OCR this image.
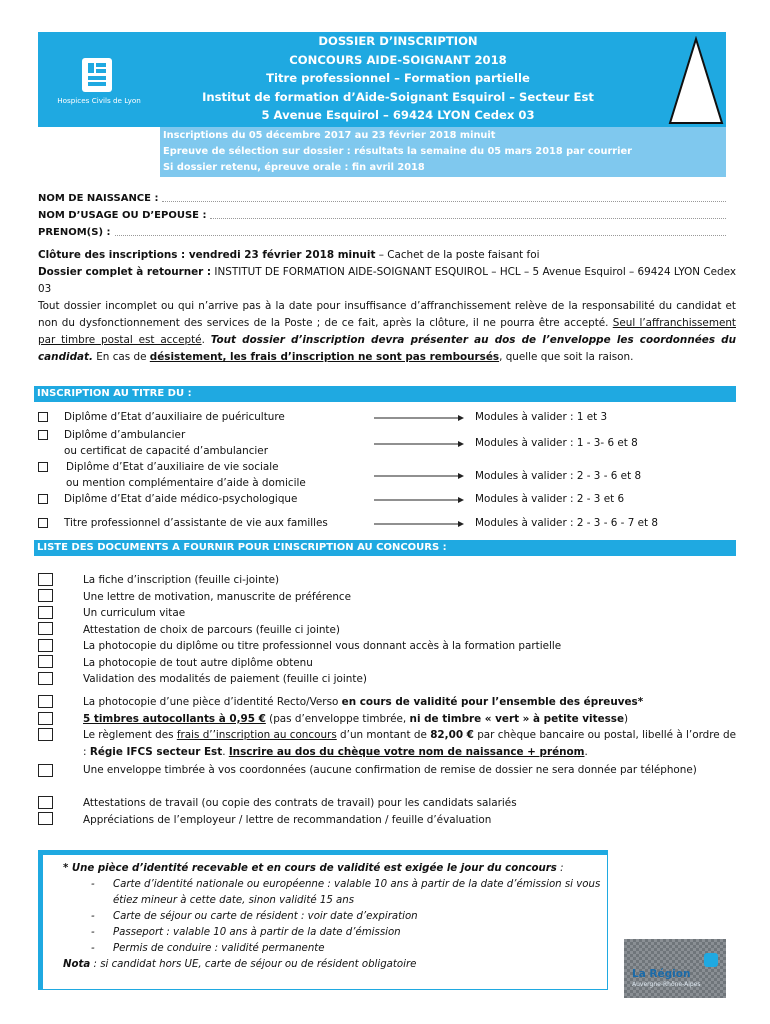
Hospices Civils de Lyon
DOSSIER D’INSCRIPTION
CONCOURS AIDE-SOIGNANT 2018
Titre professionnel – Formation partielle
Institut de formation d’Aide-Soignant Esquirol – Secteur Est
5 Avenue Esquirol – 69424 LYON Cedex 03
Inscriptions du 05 décembre 2017 au 23 février 2018 minuit
Epreuve de sélection sur dossier : résultats la semaine du 05 mars 2018 par courrier
Si dossier retenu, épreuve orale : fin avril 2018
NOM DE NAISSANCE :
NOM D’USAGE OU D’EPOUSE :
PRENOM(S) :

Clôture des inscriptions : vendredi 23 février 2018 minuit – Cachet de la poste faisant foi

Dossier complet à retourner : INSTITUT DE FORMATION AIDE-SOIGNANT ESQUIROL – HCL – 5 Avenue Esquirol – 69424 LYON Cedex 03

Tout dossier incomplet ou qui n’arrive pas à la date pour insuffisance d’affranchissement relève de la responsabilité du candidat et non du dysfonctionnement des services de la Poste ; de ce fait, après la clôture, il ne pourra être accepté. Seul l’affranchissement par timbre postal est accepté. Tout dossier d’inscription devra présenter au dos de l’enveloppe les coordonnées du candidat. En cas de désistement, les frais d’inscription ne sont pas remboursés, quelle que soit la raison.

INSCRIPTION AU TITRE DU :
Diplôme d’Etat d’auxiliaire de puériculture	Modules à valider : 1 et 3
Diplôme d’ambulancier
ou certificat de capacité d’ambulancier
Modules à valider : 1 - 3- 6 et 8
Diplôme d’Etat d’auxiliaire de vie sociale
ou mention complémentaire d’aide à domicile
Modules à valider : 2 - 3 - 6 et 8
Diplôme d’Etat d’aide médico-psychologique	Modules à valider : 2 - 3 et 6
Titre professionnel d’assistante de vie aux familles	Modules à valider : 2 - 3 - 6 - 7 et 8
LISTE DES DOCUMENTS A FOURNIR POUR L’INSCRIPTION AU CONCOURS :
La fiche d’inscription (feuille ci-jointe)
Une lettre de motivation, manuscrite de préférence
Un curriculum vitae
Attestation de choix de parcours (feuille ci jointe)
La photocopie du diplôme ou titre professionnel vous donnant accès à la formation partielle
La photocopie de tout autre diplôme obtenu
Validation des modalités de paiement (feuille ci jointe)
La photocopie d’une pièce d’identité Recto/Verso en cours de validité pour l’ensemble des épreuves*
5 timbres autocollants à 0,95 € (pas d’enveloppe timbrée, ni de timbre « vert » à petite vitesse)
Le règlement des frais d’’inscription au concours d’un montant de 82,00 € par chèque bancaire ou postal, libellé à l’ordre de : Régie IFCS secteur Est. Inscrire au dos du chèque votre nom de naissance + prénom.
Une enveloppe timbrée à vos coordonnées (aucune confirmation de remise de dossier ne sera donnée par téléphone)
Attestations de travail (ou copie des contrats de travail) pour les candidats salariés
Appréciations de l’employeur / lettre de recommandation / feuille d’évaluation
* Une pièce d’identité recevable et en cours de validité est exigée le jour du concours :
- Carte d’identité nationale ou européenne : valable 10 ans à partir de la date d’émission si vous étiez mineur à cette date, sinon validité 15 ans
- Carte de séjour ou carte de résident : voir date d’expiration
- Passeport : valable 10 ans à partir de la date d’émission
- Permis de conduire : validité permanente
Nota : si candidat hors UE, carte de séjour ou de résident obligatoire
La Région
Auvergne-Rhône-Alpes
